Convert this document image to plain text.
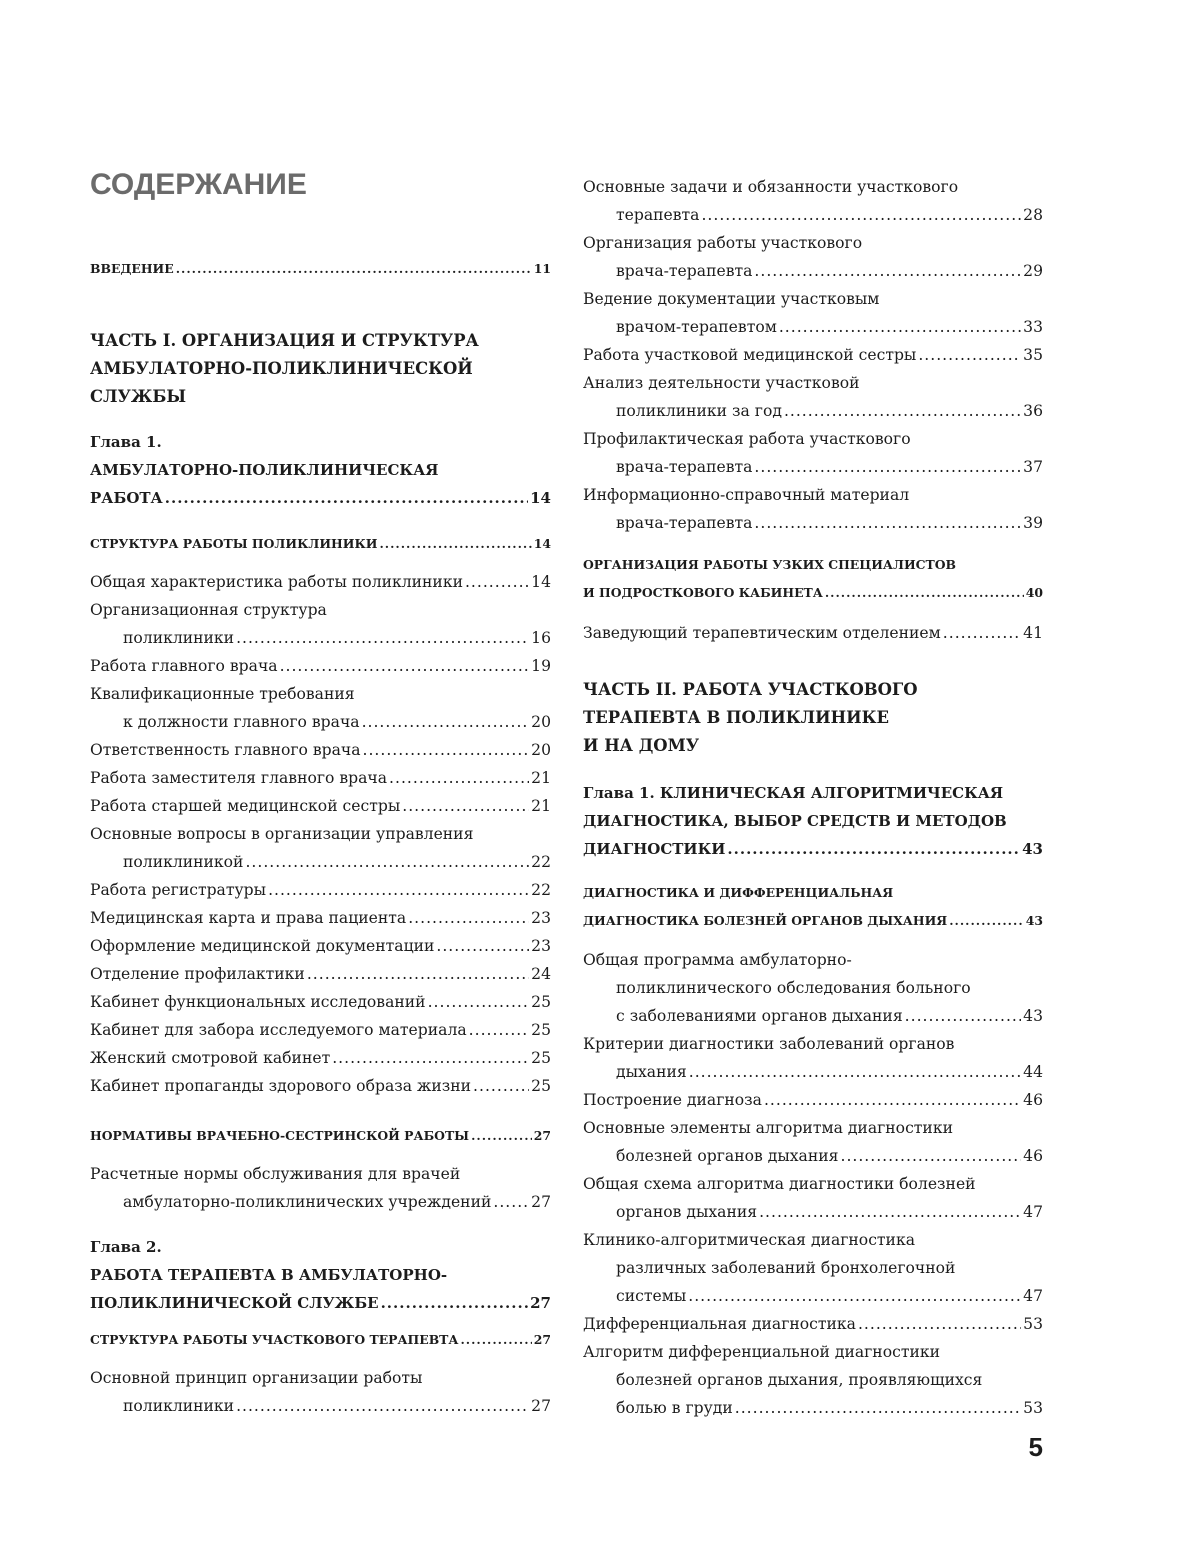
СОДЕРЖАНИЕ
ВВЕДЕНИЕ .....	11
ЧАСТЬ I. ОРГАНИЗАЦИЯ И СТРУКТУРА
АМБУЛАТОРНО-ПОЛИКЛИНИЧЕСКОЙ
СЛУЖБЫ
Глава 1.
АМБУЛАТОРНО-ПОЛИКЛИНИЧЕСКАЯ
РАБОТА .....	14
СТРУКТУРА РАБОТЫ ПОЛИКЛИНИКИ .....	14
Общая характеристика работы поликлиники .....	14
Организационная структура
поликлиники .....	16
Работа главного врача .....	19
Квалификационные требования
к должности главного врача .....	20
Ответственность главного врача .....	20
Работа заместителя главного врача .....	21
Работа старшей медицинской сестры .....	21
Основные вопросы в организации управления
поликлиникой .....	22
Работа регистратуры .....	22
Медицинская карта и права пациента .....	23
Оформление медицинской документации .....	23
Отделение профилактики .....	24
Кабинет функциональных исследований .....	25
Кабинет для забора исследуемого материала .....	25
Женский смотровой кабинет .....	25
Кабинет пропаганды здорового образа жизни .....	25
НОРМАТИВЫ ВРАЧЕБНО-СЕСТРИНСКОЙ РАБОТЫ .....	27
Расчетные нормы обслуживания для врачей
амбулаторно-поликлинических учреждений .....	27
Глава 2.
РАБОТА ТЕРАПЕВТА В АМБУЛАТОРНО-
ПОЛИКЛИНИЧЕСКОЙ СЛУЖБЕ .....	27
СТРУКТУРА РАБОТЫ УЧАСТКОВОГО ТЕРАПЕВТА .....	27
Основной принцип организации работы
поликлиники .....	27
Основные задачи и обязанности участкового
терапевта .....	28
Организация работы участкового
врача-терапевта .....	29
Ведение документации участковым
врачом-терапевтом .....	33
Работа участковой медицинской сестры .....	35
Анализ деятельности участковой
поликлиники за год .....	36
Профилактическая работа участкового
врача-терапевта .....	37
Информационно-справочный материал
врача-терапевта .....	39
ОРГАНИЗАЦИЯ РАБОТЫ УЗКИХ СПЕЦИАЛИСТОВ
И ПОДРОСТКОВОГО КАБИНЕТА .....	40
Заведующий терапевтическим отделением .....	41
ЧАСТЬ II. РАБОТА УЧАСТКОВОГО
ТЕРАПЕВТА В ПОЛИКЛИНИКЕ
И НА ДОМУ
Глава 1. КЛИНИЧЕСКАЯ АЛГОРИТМИЧЕСКАЯ
ДИАГНОСТИКА, ВЫБОР СРЕДСТВ И МЕТОДОВ
ДИАГНОСТИКИ .....	43
ДИАГНОСТИКА И ДИФФЕРЕНЦИАЛЬНАЯ
ДИАГНОСТИКА БОЛЕЗНЕЙ ОРГАНОВ ДЫХАНИЯ .....	43
Общая программа амбулаторно-
поликлинического обследования больного
с заболеваниями органов дыхания .....	43
Критерии диагностики заболеваний органов
дыхания .....	44
Построение диагноза .....	46
Основные элементы алгоритма диагностики
болезней органов дыхания .....	46
Общая схема алгоритма диагностики болезней
органов дыхания .....	47
Клинико-алгоритмическая диагностика
различных заболеваний бронхолегочной
системы .....	47
Дифференциальная диагностика .....	53
Алгоритм дифференциальной диагностики
болезней органов дыхания, проявляющихся
болью в груди .....	53
5
